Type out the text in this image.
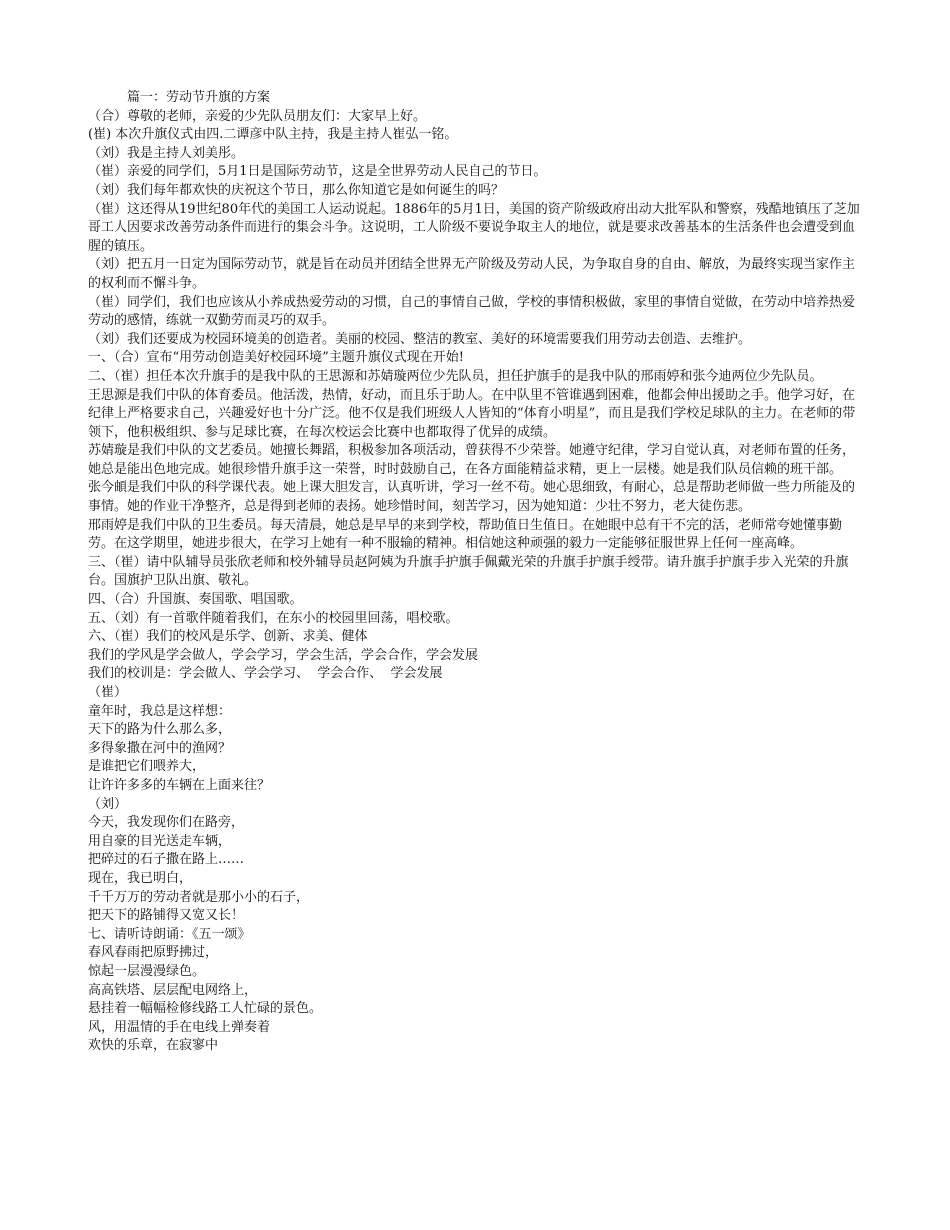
篇一：劳动节升旗的方案

（合）尊敬的老师，亲爱的少先队员朋友们：大家早上好。

(崔) 本次升旗仪式由四.二谭彦中队主持，我是主持人崔弘一铭。

（刘）我是主持人刘美彤。

（崔）亲爱的同学们，5月1日是国际劳动节，这是全世界劳动人民自己的节日。

（刘）我们每年都欢快的庆祝这个节日，那么你知道它是如何诞生的吗？

（崔）这还得从19世纪80年代的美国工人运动说起。1886年的5月1日，美国的资产阶级政府出动大批军队和警察，残酷地镇压了芝加哥工人因要求改善劳动条件而进行的集会斗争。这说明，工人阶级不要说争取主人的地位，就是要求改善基本的生活条件也会遭受到血腥的镇压。

（刘）把五月一日定为国际劳动节，就是旨在动员并团结全世界无产阶级及劳动人民，为争取自身的自由、解放，为最终实现当家作主的权利而不懈斗争。

（崔）同学们，我们也应该从小养成热爱劳动的习惯，自己的事情自己做，学校的事情积极做，家里的事情自觉做，在劳动中培养热爱劳动的感情，练就一双勤劳而灵巧的双手。

（刘）我们还要成为校园环境美的创造者。美丽的校园、整洁的教室、美好的环境需要我们用劳动去创造、去维护。

一、（合）宣布“用劳动创造美好校园环境”主题升旗仪式现在开始!

二、（崔）担任本次升旗手的是我中队的王思源和苏婧璇两位少先队员，担任护旗手的是我中队的邢雨婷和张今迪两位少先队员。

王思源是我们中队的体育委员。他活泼，热情，好动，而且乐于助人。在中队里不管谁遇到困难，他都会伸出援助之手。他学习好，在纪律上严格要求自己，兴趣爱好也十分广泛。他不仅是我们班级人人皆知的“体育小明星”，而且是我们学校足球队的主力。在老师的带领下，他积极组织、参与足球比赛，在每次校运会比赛中也都取得了优异的成绩。

苏婧璇是我们中队的文艺委员。她擅长舞蹈，积极参加各项活动，曾获得不少荣誉。她遵守纪律，学习自觉认真，对老师布置的任务，她总是能出色地完成。她很珍惜升旗手这一荣誉，时时鼓励自己，在各方面能精益求精，更上一层楼。她是我们队员信赖的班干部。

张今頔是我们中队的科学课代表。她上课大胆发言，认真听讲，学习一丝不苟。她心思细致，有耐心，总是帮助老师做一些力所能及的事情。她的作业干净整齐，总是得到老师的表扬。她珍惜时间，刻苦学习，因为她知道：少壮不努力，老大徒伤悲。

邢雨婷是我们中队的卫生委员。每天清晨，她总是早早的来到学校，帮助值日生值日。在她眼中总有干不完的活，老师常夸她懂事勤劳。在这学期里，她进步很大，在学习上她有一种不服输的精神。相信她这种顽强的毅力一定能够征服世界上任何一座高峰。

三、（崔）请中队辅导员张欣老师和校外辅导员赵阿姨为升旗手护旗手佩戴光荣的升旗手护旗手绶带。请升旗手护旗手步入光荣的升旗台。国旗护卫队出旗、敬礼。

四、（合）升国旗、奏国歌、唱国歌。

五、（刘）有一首歌伴随着我们，在东小的校园里回荡，唱校歌。

六、（崔）我们的校风是乐学、创新、求美、健体

我们的学风是学会做人，学会学习，学会生活，学会合作，学会发展

我们的校训是：学会做人、学会学习、  学会合作、  学会发展

（崔）

童年时，我总是这样想：

天下的路为什么那么多，

多得象撒在河中的渔网？

是谁把它们喂养大，

让许许多多的车辆在上面来往？

（刘）

今天，我发现你们在路旁，

用自豪的目光送走车辆，

把碎过的石子撒在路上……

现在，我已明白，

千千万万的劳动者就是那小小的石子，

把天下的路铺得又宽又长！

七、请听诗朗诵：《五一颂》

春风春雨把原野拂过，

惊起一层漫漫绿色。

高高铁塔、层层配电网络上，

悬挂着一幅幅检修线路工人忙碌的景色。

风，用温情的手在电线上弹奏着

欢快的乐章，在寂寥中
